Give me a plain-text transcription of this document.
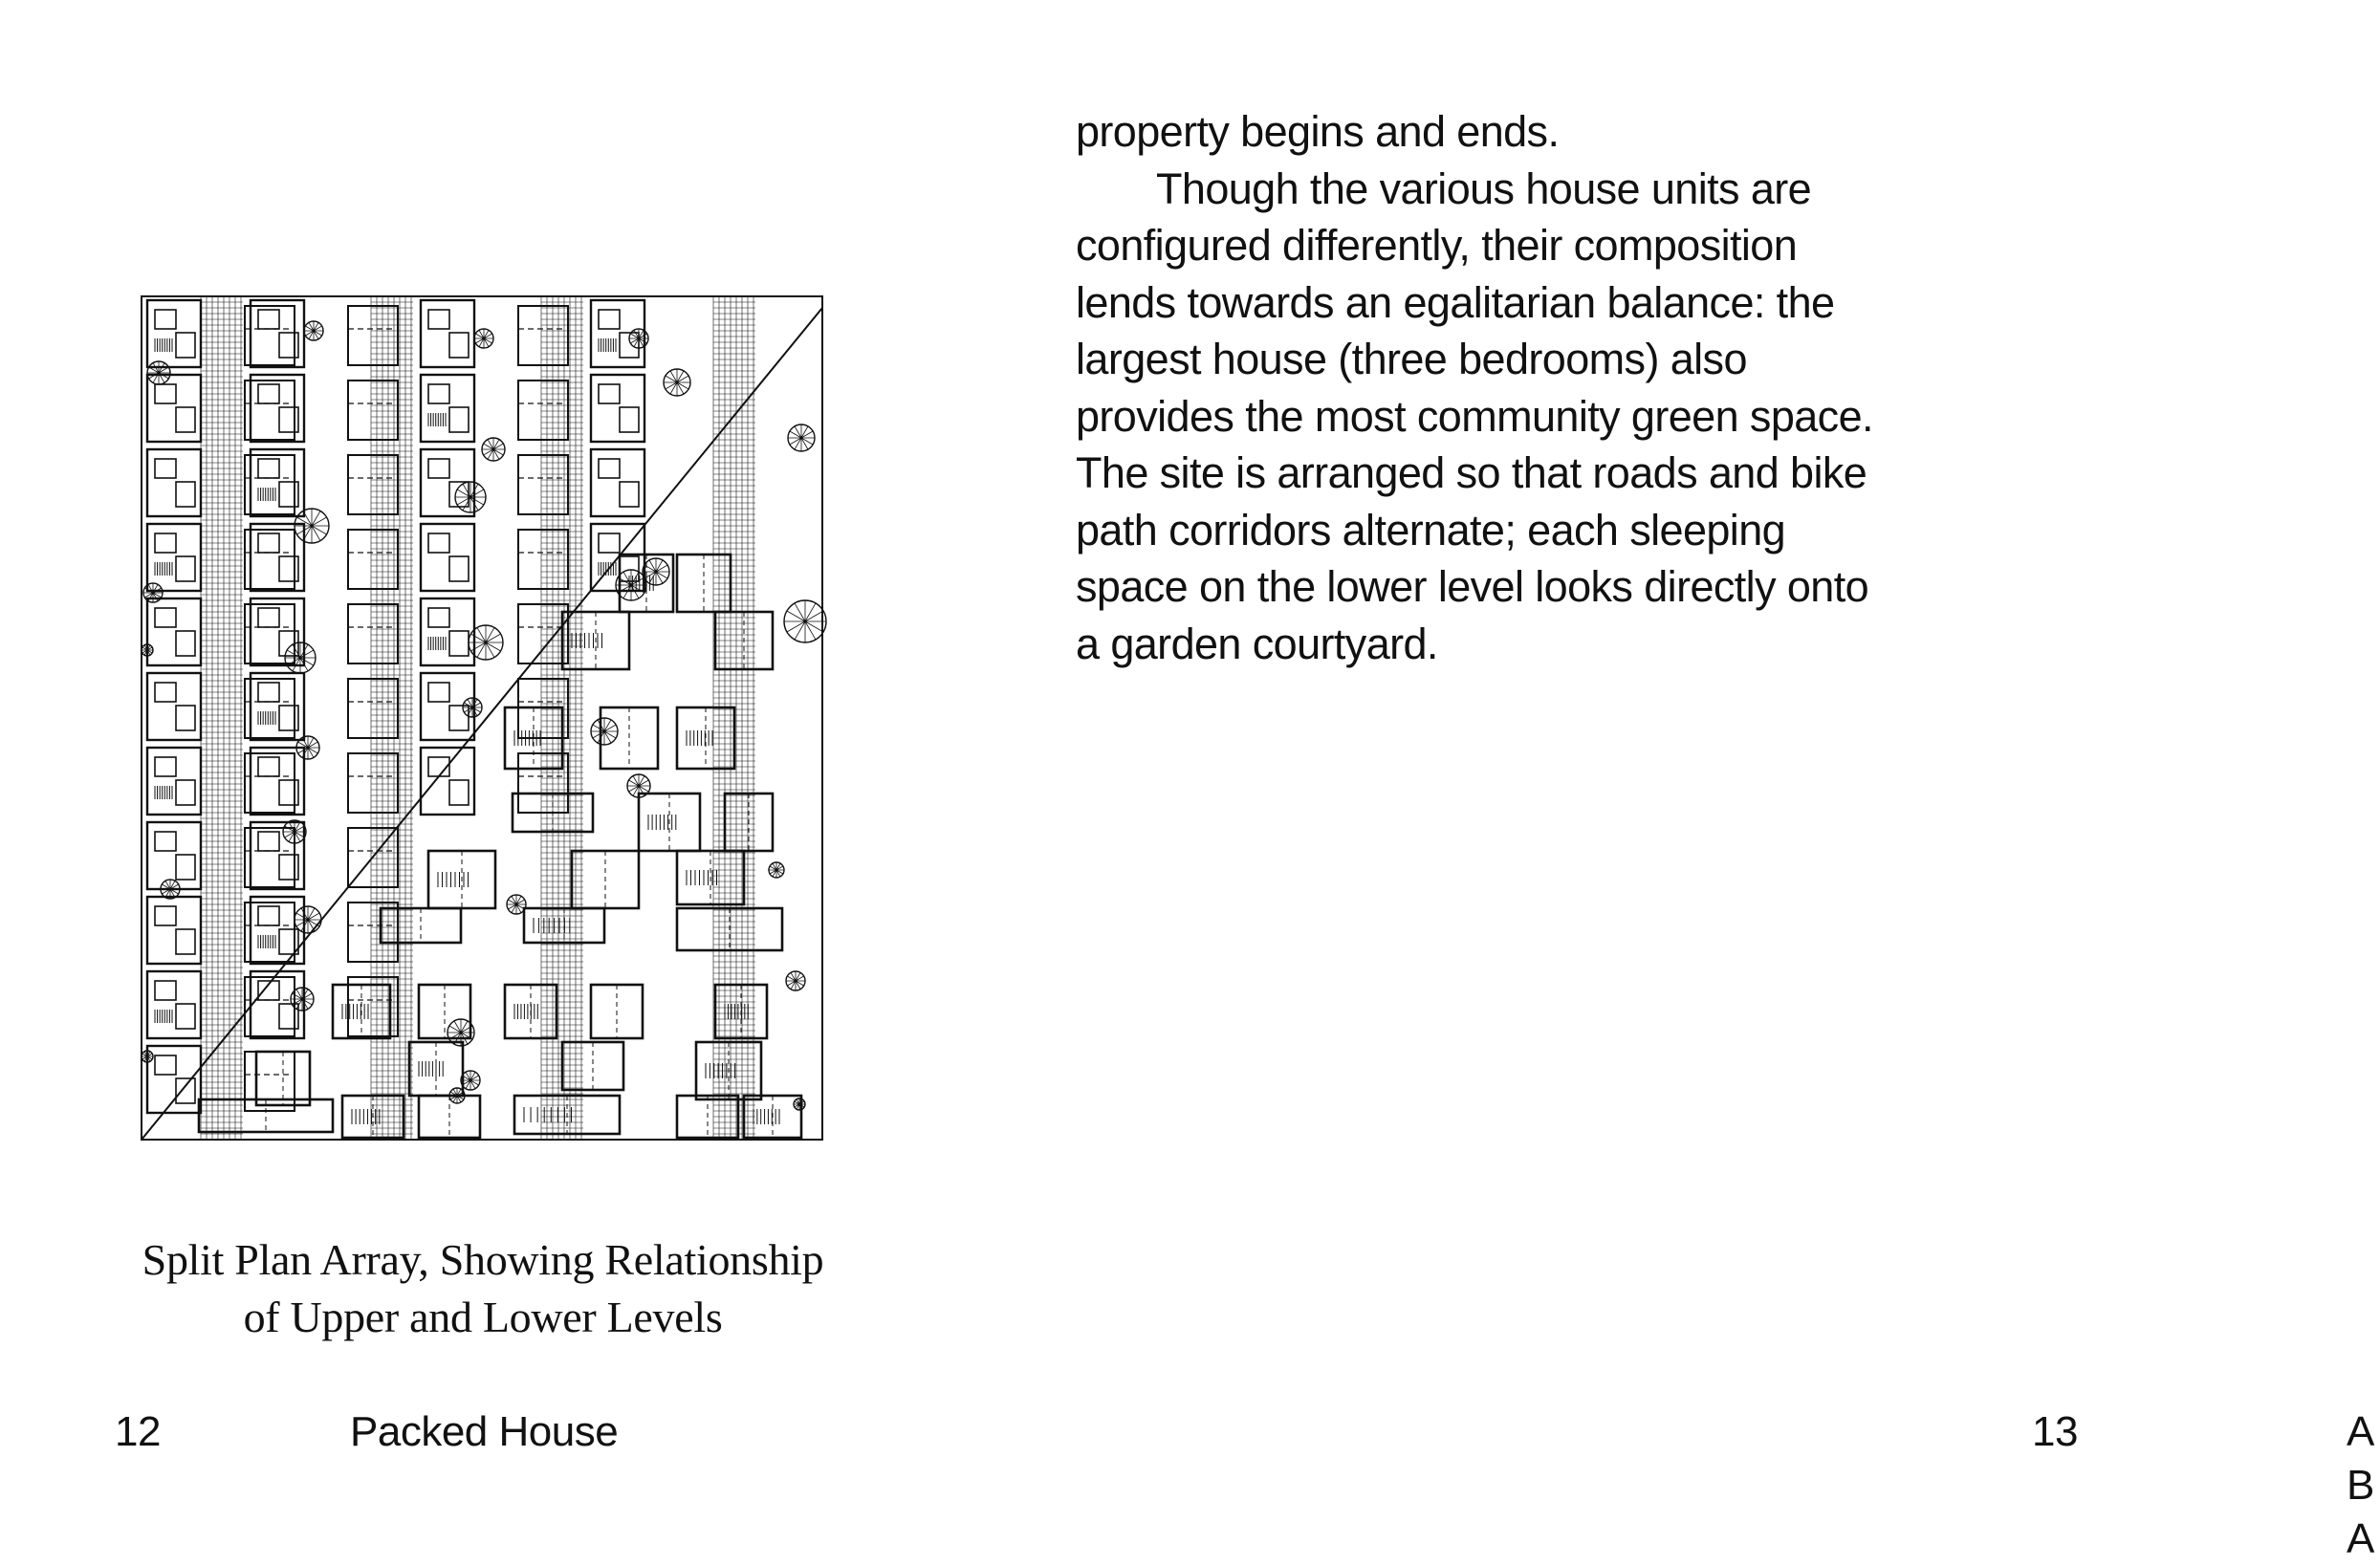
Split Plan Array, Showing Relationship
of Upper and Lower Levels
12	Packed House

property begins and ends.

Though the various house units are configured differently, their composition lends towards an egalitarian balance: the largest house (three bedrooms) also provides the most community green space. The site is arranged so that roads and bike path corridors alternate; each sleeping space on the lower level looks directly onto a garden courtyard.

13	A B A
